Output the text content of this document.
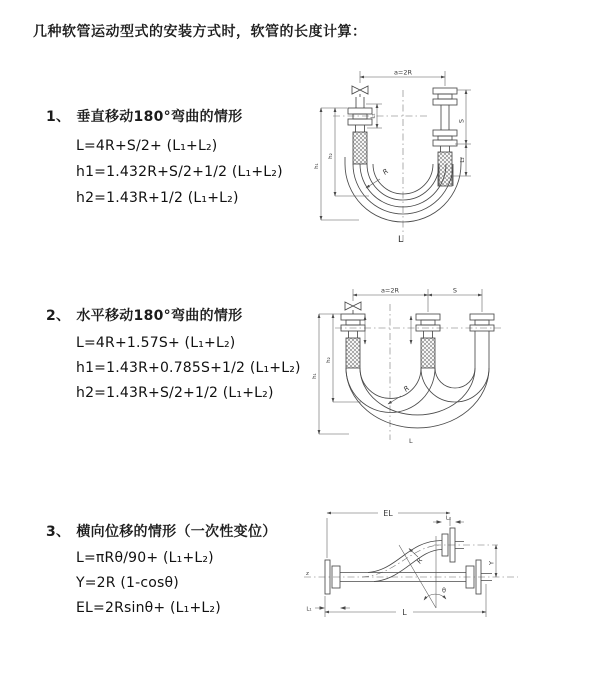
几种软管运动型式的安装方式时，软管的长度计算：
1、 垂直移动180°弯曲的情形
L=4R+S/2+ (L₁+L₂)
h1=1.432R+S/2+1/2 (L₁+L₂)
h2=1.43R+1/2 (L₁+L₂)
a=2R
S
L₂
L₁
h₂
h₁
R
L
2、 水平移动180°弯曲的情形
L=4R+1.57S+ (L₁+L₂)
h1=1.43R+0.785S+1/2 (L₁+L₂)
h2=1.43R+S/2+1/2 (L₁+L₂)
a=2R	S
h₂
h₁
R
L
3、 横向位移的情形（一次性变位）
L=πRθ/90+ (L₁+L₂)
Y=2R (1-cosθ)
EL=2Rsinθ+ (L₁+L₂)
z
θ
EL
L₂
Y
L₁	L
R
